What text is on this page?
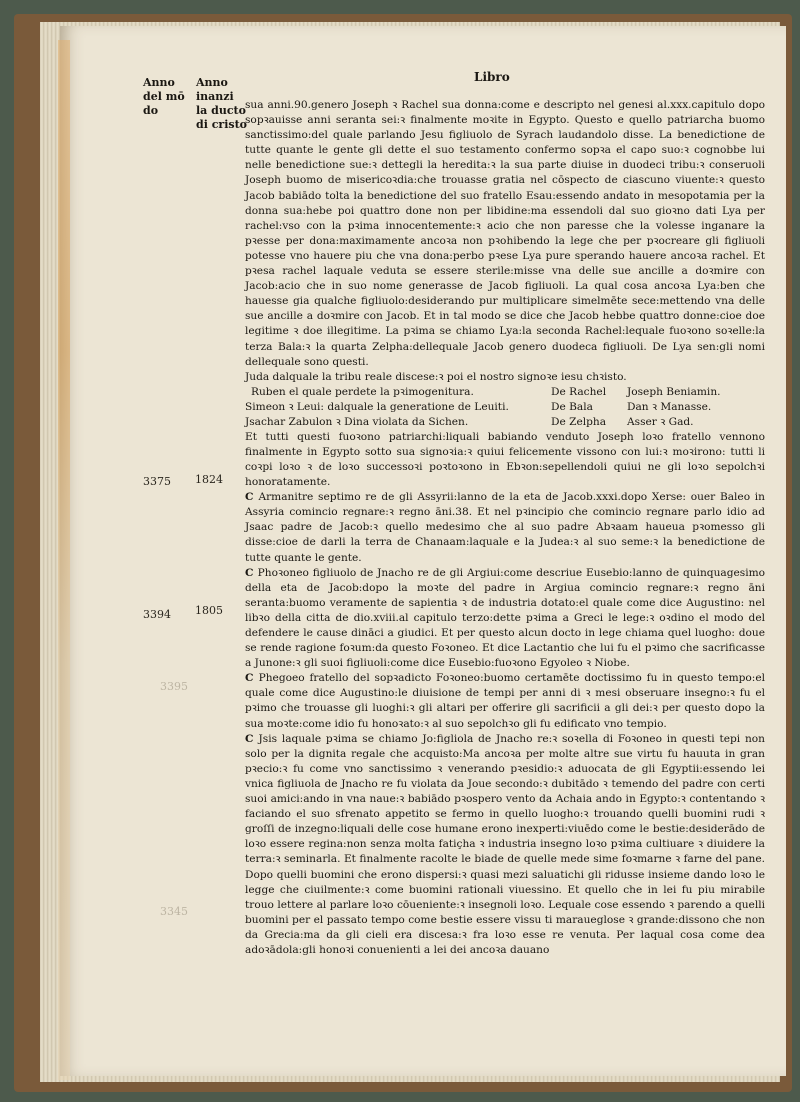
Libro
Anno
del mō
do
Anno
inanzi
la ducto
di cristo
3375 1824
3394 1805
3395
3345

sua anni.90.genero Joseph ꝛ Rachel sua donna:come e descripto nel genesi al.xxx.capitulo dopo sopꝛauisse anni seranta sei:ꝛ finalmente moꝛite in Egypto. Questo e quello patriarcha buomo sanctissimo:del quale parlando Jesu figliuolo de Syrach laudandolo disse. La benedictione de tutte quante le gente gli dette el suo testamento confermo sopꝛa el capo suo:ꝛ cognobbe lui nelle benedictione sue:ꝛ dettegli la heredita:ꝛ la sua parte diuise in duodeci tribu:ꝛ conseruoli Joseph buomo de misericoꝛdia:che trouasse gratia nel cōspecto de ciascuno viuente:ꝛ questo Jacob babiādo tolta la benedictione del suo fratello Esau:essendo andato in mesopotamia per la donna sua:hebe poi quattro done non per libidine:ma essendoli dal suo gioꝛno dati Lya per rachel:vso con la pꝛima innocentemente:ꝛ acio che non paresse che la volesse inganare la pꝛesse per dona:maximamente ancoꝛa non pꝛohibendo la lege che per pꝛocreare gli figliuoli potesse vno hauere piu che vna dona:perbo pꝛese Lya pure sperando hauere ancoꝛa rachel. Et pꝛesa rachel laquale veduta se essere sterile:misse vna delle sue ancille a doꝛmire con Jacob:acio che in suo nome generasse de Jacob figliuoli. La qual cosa ancoꝛa Lya:ben che hauesse gia qualche figliuolo:desiderando pur multiplicare simelmēte sece:mettendo vna delle sue ancille a doꝛmire con Jacob. Et in tal modo se dice che Jacob hebbe quattro donne:cioe doe legitime ꝛ doe illegitime. La pꝛima se chiamo Lya:la seconda Rachel:lequale fuoꝛono soꝛelle:la terza Bala:ꝛ la quarta Zelpha:dellequale Jacob genero duodeca figliuoli. De Lya sen:gli nomi dellequale sono questi.

Juda dalquale la tribu reale discese:ꝛ poi el nostro signoꝛe iesu chꝛisto.

Ruben el quale perdete la pꝛimogenitura.
Simeon ꝛ Leui: dalquale la generatione de Leuiti.
Jsachar Zabulon ꝛ Dina violata da Sichen.
De Rachel
De Bala
De Zelpha
Joseph Beniamin.
Dan ꝛ Manasse.
Asser ꝛ Gad.

Et tutti questi fuoꝛono patriarchi:liquali babiando venduto Joseph loꝛo fratello vennono finalmente in Egypto sotto sua signoꝛia:ꝛ quiui felicemente vissono con lui:ꝛ moꝛirono: tutti li coꝛpi loꝛo ꝛ de loꝛo successoꝛi poꝛtoꝛono in Ebꝛon:sepellendoli quiui ne gli loꝛo sepolchꝛi honoratamente.

C Armanitre septimo re de gli Assyrii:lanno de la eta de Jacob.xxxi.dopo Xerse: ouer Baleo in Assyria comincio regnare:ꝛ regno āni.38. Et nel pꝛincipio che comincio regnare parlo idio ad Jsaac padre de Jacob:ꝛ quello medesimo che al suo padre Abꝛaam haueua pꝛomesso gli disse:cioe de darli la terra de Chanaam:laquale e la Judea:ꝛ al suo seme:ꝛ la benedictione de tutte quante le gente.

C Phoꝛoneo figliuolo de Jnacho re de gli Argiui:come descriue Eusebio:lanno de quinquagesimo della eta de Jacob:dopo la moꝛte del padre in Argiua comincio regnare:ꝛ regno āni seranta:buomo veramente de sapientia ꝛ de industria dotato:el quale come dice Augustino: nel libꝛo della citta de dio.xviii.al capitulo terzo:dette pꝛima a Greci le lege:ꝛ oꝛdino el modo del defendere le cause dināci a giudici. Et per questo alcun docto in lege chiama quel luogho: doue se rende ragione foꝛum:da questo Foꝛoneo. Et dice Lactantio che lui fu el pꝛimo che sacrificasse a Junone:ꝛ gli suoi figliuoli:come dice Eusebio:fuoꝛono Egyoleo ꝛ Niobe.

C Phegoeo fratello del sopꝛadicto Foꝛoneo:buomo certamēte doctissimo fu in questo tempo:el quale come dice Augustino:le diuisione de tempi per anni di ꝛ mesi obseruare insegno:ꝛ fu el pꝛimo che trouasse gli luoghi:ꝛ gli altari per offerire gli sacrificii a gli dei:ꝛ per questo dopo la sua moꝛte:come idio fu honoꝛato:ꝛ al suo sepolchꝛo gli fu edificato vno tempio.

C Jsis laquale pꝛima se chiamo Jo:figliola de Jnacho re:ꝛ soꝛella di Foꝛoneo in questi tepi non solo per la dignita regale che acquisto:Ma ancoꝛa per molte altre sue virtu fu hauuta in gran pꝛecio:ꝛ fu come vno sanctissimo ꝛ venerando pꝛesidio:ꝛ aduocata de gli Egyptii:essendo lei vnica figliuola de Jnacho re fu violata da Joue secondo:ꝛ dubitādo ꝛ temendo del padre con certi suoi amici:ando in vna naue:ꝛ babiādo pꝛospero vento da Achaia ando in Egypto:ꝛ contentando ꝛ faciando el suo sfrenato appetito se fermo in quello luogho:ꝛ trouando quelli buomini rudi ꝛ groſſi de inzegno:liquali delle cose humane erono inexperti:viuēdo come le bestie:desiderādo de loꝛo essere regina:non senza molta fatiçha ꝛ industria insegno loꝛo pꝛima cultiuare ꝛ diuidere la terra:ꝛ seminarla. Et finalmente racolte le biade de quelle mede sime foꝛmarne ꝛ farne del pane. Dopo quelli buomini che erono dispersi:ꝛ quasi mezi saluatichi gli ridusse insieme dando loꝛo le legge che ciuilmente:ꝛ come buomini rationali viuessino. Et quello che in lei fu piu mirabile trouo lettere al parlare loꝛo cōueniente:ꝛ insegnoli loꝛo. Lequale cose essendo ꝛ parendo a quelli buomini per el passato tempo come bestie essere vissu ti maraueglose ꝛ grande:dissono che non da Grecia:ma da gli cieli era discesa:ꝛ fra loꝛo esse re venuta. Per laqual cosa come dea adoꝛādola:gli honoꝛi conuenienti a lei dei ancoꝛa dauano
